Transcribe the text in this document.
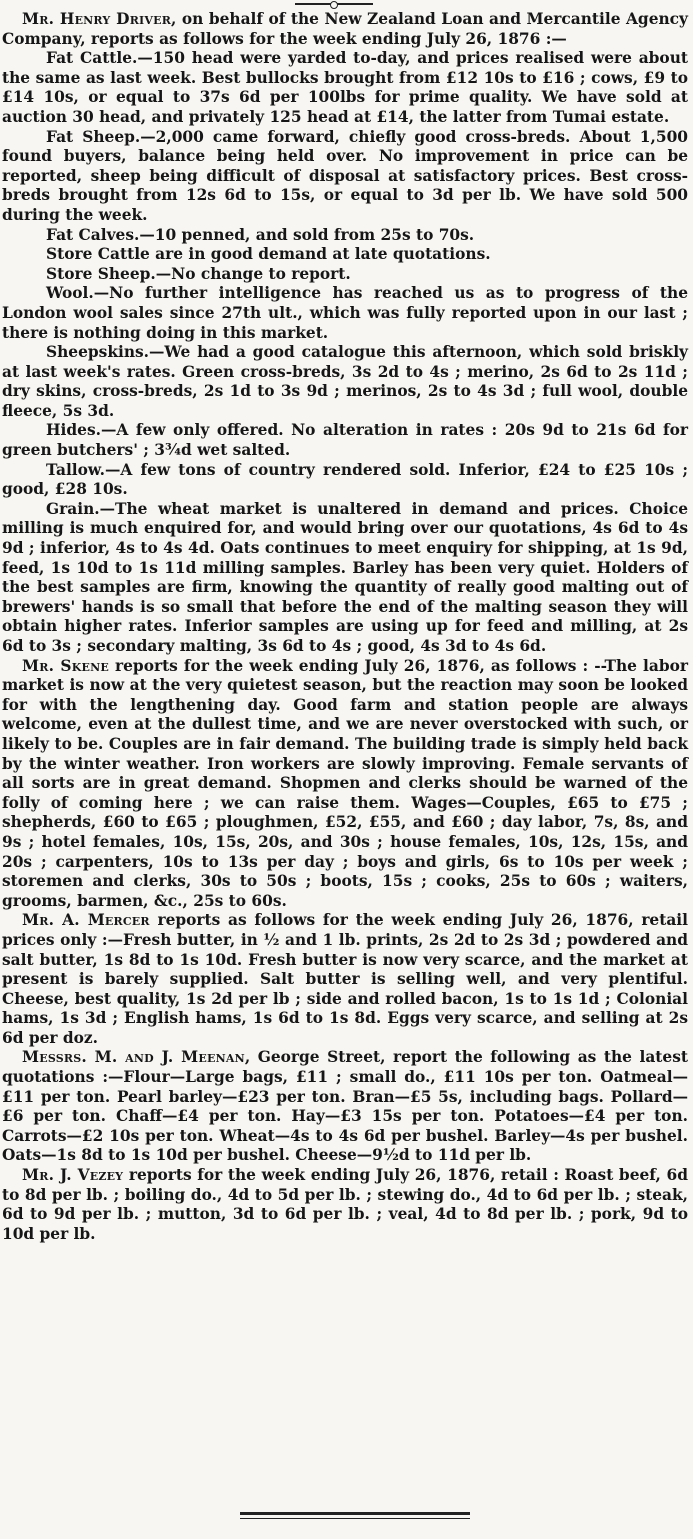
Mr. Henry Driver, on behalf of the New Zealand Loan and Mercantile Agency Company, reports as follows for the week ending July 26, 1876 :—

Fat Cattle.—150 head were yarded to-day, and prices realised were about the same as last week. Best bullocks brought from £12 10s to £16 ; cows, £9 to £14 10s, or equal to 37s 6d per 100lbs for prime quality. We have sold at auction 30 head, and privately 125 head at £14, the latter from Tumai estate.

Fat Sheep.—2,000 came forward, chiefly good cross-breds. About 1,500 found buyers, balance being held over. No improvement in price can be reported, sheep being difficult of disposal at satisfactory prices. Best cross-breds brought from 12s 6d to 15s, or equal to 3d per lb. We have sold 500 during the week.

Fat Calves.—10 penned, and sold from 25s to 70s.

Store Cattle are in good demand at late quotations.

Store Sheep.—No change to report.

Wool.—No further intelligence has reached us as to progress of the London wool sales since 27th ult., which was fully reported upon in our last ; there is nothing doing in this market.

Sheepskins.—We had a good catalogue this afternoon, which sold briskly at last week's rates. Green cross-breds, 3s 2d to 4s ; merino, 2s 6d to 2s 11d ; dry skins, cross-breds, 2s 1d to 3s 9d ; merinos, 2s to 4s 3d ; full wool, double fleece, 5s 3d.

Hides.—A few only offered. No alteration in rates : 20s 9d to 21s 6d for green butchers' ; 3¾d wet salted.

Tallow.—A few tons of country rendered sold. Inferior, £24 to £25 10s ; good, £28 10s.

Grain.—The wheat market is unaltered in demand and prices. Choice milling is much enquired for, and would bring over our quotations, 4s 6d to 4s 9d ; inferior, 4s to 4s 4d. Oats continues to meet enquiry for shipping, at 1s 9d, feed, 1s 10d to 1s 11d milling samples. Barley has been very quiet. Holders of the best samples are firm, knowing the quantity of really good malting out of brewers' hands is so small that before the end of the malting season they will obtain higher rates. Inferior samples are using up for feed and milling, at 2s 6d to 3s ; secondary malting, 3s 6d to 4s ; good, 4s 3d to 4s 6d.

Mr. Skene reports for the week ending July 26, 1876, as follows : --The labor market is now at the very quietest season, but the reaction may soon be looked for with the lengthening day. Good farm and station people are always welcome, even at the dullest time, and we are never overstocked with such, or likely to be. Couples are in fair demand. The building trade is simply held back by the winter weather. Iron workers are slowly improving. Female servants of all sorts are in great demand. Shopmen and clerks should be warned of the folly of coming here ; we can raise them. Wages—Couples, £65 to £75 ; shepherds, £60 to £65 ; ploughmen, £52, £55, and £60 ; day labor, 7s, 8s, and 9s ; hotel females, 10s, 15s, 20s, and 30s ; house females, 10s, 12s, 15s, and 20s ; carpenters, 10s to 13s per day ; boys and girls, 6s to 10s per week ; storemen and clerks, 30s to 50s ; boots, 15s ; cooks, 25s to 60s ; waiters, grooms, barmen, &c., 25s to 60s.

Mr. A. Mercer reports as follows for the week ending July 26, 1876, retail prices only :—Fresh butter, in ½ and 1 lb. prints, 2s 2d to 2s 3d ; powdered and salt butter, 1s 8d to 1s 10d. Fresh butter is now very scarce, and the market at present is barely supplied. Salt butter is selling well, and very plentiful. Cheese, best quality, 1s 2d per lb ; side and rolled bacon, 1s to 1s 1d ; Colonial hams, 1s 3d ; English hams, 1s 6d to 1s 8d. Eggs very scarce, and selling at 2s 6d per doz.

Messrs. M. and J. Meenan, George Street, report the following as the latest quotations :—Flour—Large bags, £11 ; small do., £11 10s per ton. Oatmeal—£11 per ton. Pearl barley—£23 per ton. Bran—£5 5s, including bags. Pollard—£6 per ton. Chaff—£4 per ton. Hay—£3 15s per ton. Potatoes—£4 per ton. Carrots—£2 10s per ton. Wheat—4s to 4s 6d per bushel. Barley—4s per bushel. Oats—1s 8d to 1s 10d per bushel. Cheese—9½d to 11d per lb.

Mr. J. Vezey reports for the week ending July 26, 1876, retail : Roast beef, 6d to 8d per lb. ; boiling do., 4d to 5d per lb. ; stewing do., 4d to 6d per lb. ; steak, 6d to 9d per lb. ; mutton, 3d to 6d per lb. ; veal, 4d to 8d per lb. ; pork, 9d to 10d per lb.
